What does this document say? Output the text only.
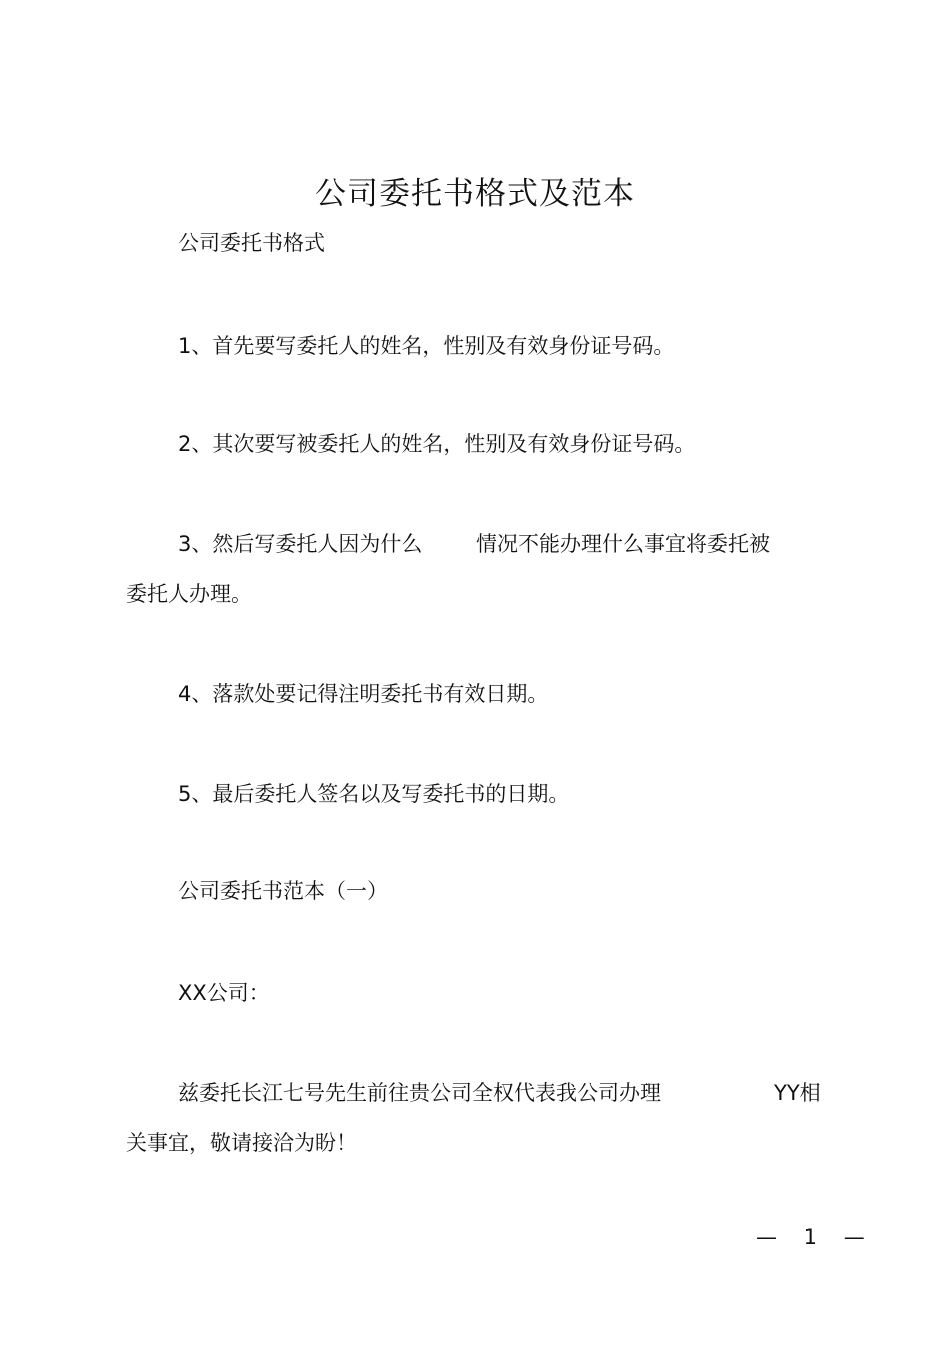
公司委托书格式及范本
公司委托书格式
1、首先要写委托人的姓名，性别及有效身份证号码。
2、其次要写被委托人的姓名，性别及有效身份证号码。
3、然后写委托人因为什么	情况不能办理什么事宜将委托被
委托人办理。
4、落款处要记得注明委托书有效日期。
5、最后委托人签名以及写委托书的日期。
公司委托书范本（一）
XX公司：
兹委托长江七号先生前往贵公司全权代表我公司办理	YY相
关事宜，敬请接洽为盼！
— 1 —
